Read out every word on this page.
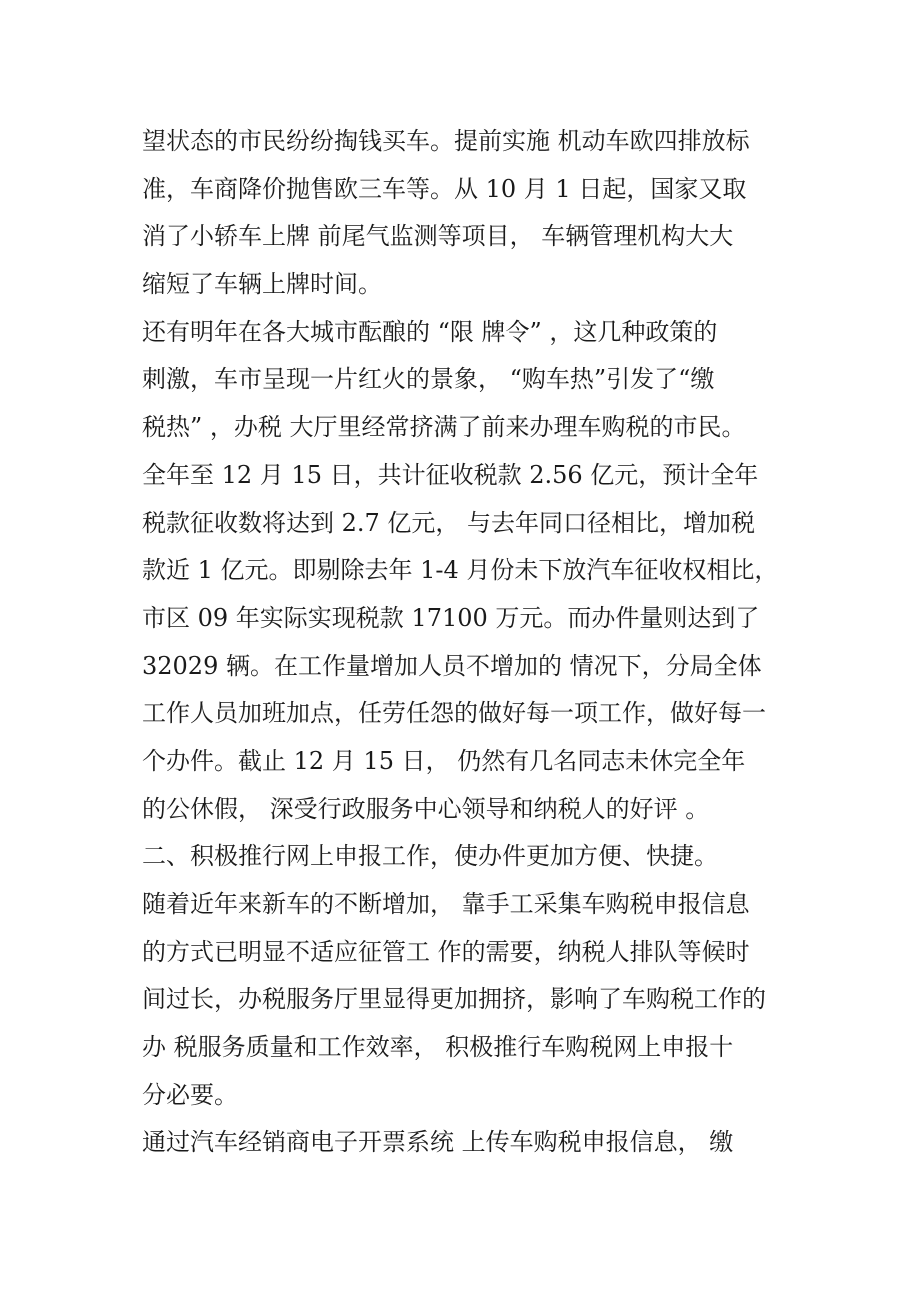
望状态的市民纷纷掏钱买车。提前实施 机动车欧四排放标
准，车商降价抛售欧三车等。从 10 月 1 日起，国家又取
消了小轿车上牌 前尾气监测等项目， 车辆管理机构大大
缩短了车辆上牌时间。
还有明年在各大城市酝酿的 “限 牌令” ，这几种政策的
刺激，车市呈现一片红火的景象， “购车热”引发了“缴
税热” ，办税 大厅里经常挤满了前来办理车购税的市民。
全年至 12 月 15 日，共计征收税款 2.56 亿元，预计全年
税款征收数将达到 2.7 亿元， 与去年同口径相比，增加税
款近 1 亿元。即剔除去年 1-4 月份未下放汽车征收权相比，
市区 09 年实际实现税款 17100 万元。而办件量则达到了
32029 辆。在工作量增加人员不增加的 情况下，分局全体
工作人员加班加点，任劳任怨的做好每一项工作，做好每一
个办件。截止 12 月 15 日， 仍然有几名同志未休完全年
的公休假， 深受行政服务中心领导和纳税人的好评 。
二、积极推行网上申报工作，使办件更加方便、快捷。
随着近年来新车的不断增加， 靠手工采集车购税申报信息
的方式已明显不适应征管工 作的需要，纳税人排队等候时
间过长，办税服务厅里显得更加拥挤，影响了车购税工作的
办 税服务质量和工作效率， 积极推行车购税网上申报十
分必要。
通过汽车经销商电子开票系统 上传车购税申报信息， 缴
